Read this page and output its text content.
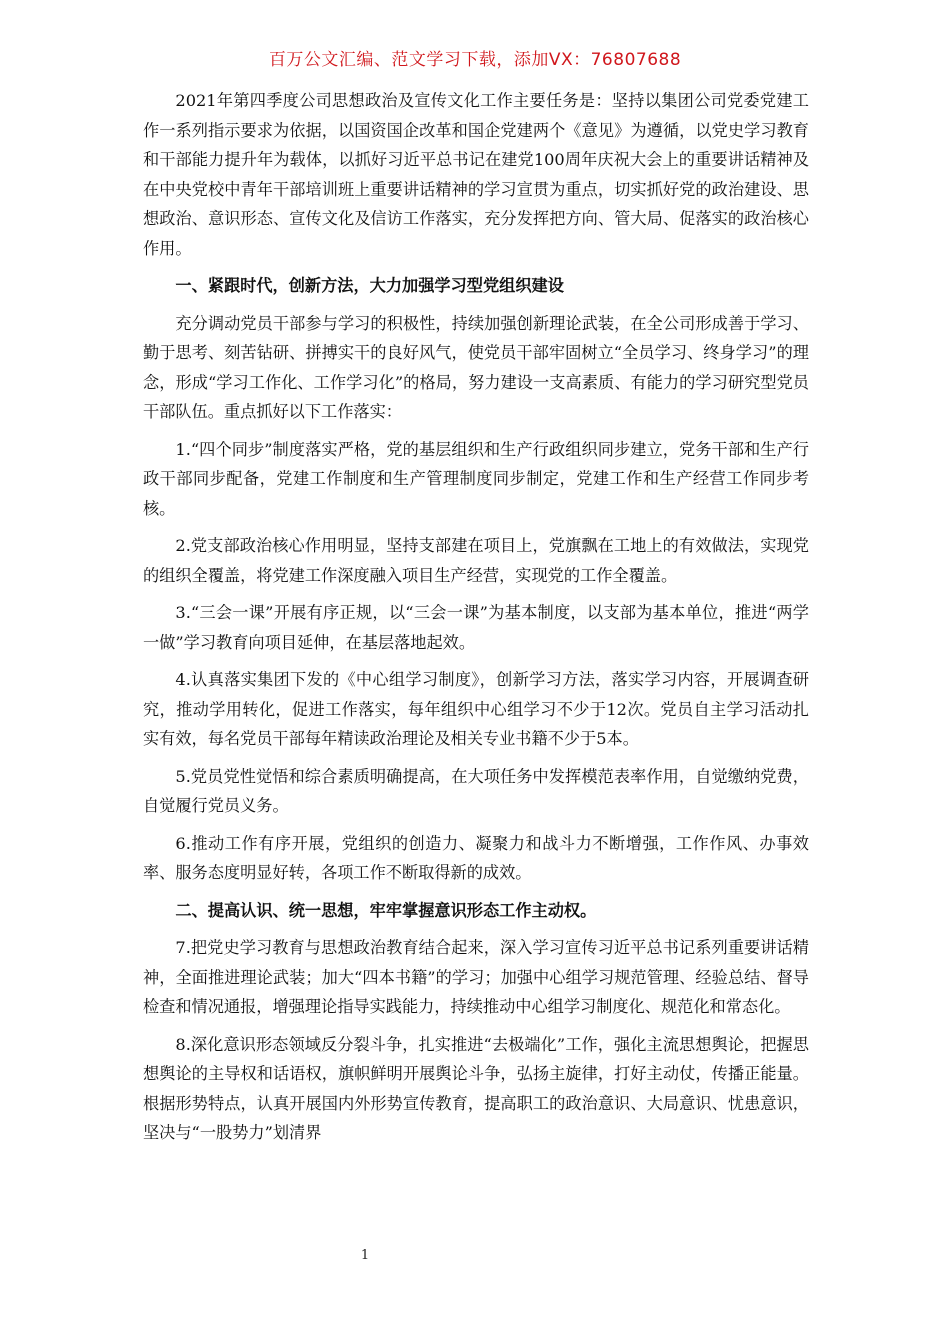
百万公文汇编、范文学习下载，添加VX：76807688

2021年第四季度公司思想政治及宣传文化工作主要任务是：坚持以集团公司党委党建工作一系列指示要求为依据，以国资国企改革和国企党建两个《意见》为遵循，以党史学习教育和干部能力提升年为载体，以抓好习近平总书记在建党100周年庆祝大会上的重要讲话精神及在中央党校中青年干部培训班上重要讲话精神的学习宣贯为重点，切实抓好党的政治建设、思想政治、意识形态、宣传文化及信访工作落实，充分发挥把方向、管大局、促落实的政治核心作用。

一、紧跟时代，创新方法，大力加强学习型党组织建设

充分调动党员干部参与学习的积极性，持续加强创新理论武装，在全公司形成善于学习、勤于思考、刻苦钻研、拼搏实干的良好风气，使党员干部牢固树立“全员学习、终身学习”的理念，形成“学习工作化、工作学习化”的格局，努力建设一支高素质、有能力的学习研究型党员干部队伍。重点抓好以下工作落实：

1.“四个同步”制度落实严格，党的基层组织和生产行政组织同步建立，党务干部和生产行政干部同步配备，党建工作制度和生产管理制度同步制定，党建工作和生产经营工作同步考核。

2.党支部政治核心作用明显，坚持支部建在项目上，党旗飘在工地上的有效做法，实现党的组织全覆盖，将党建工作深度融入项目生产经营，实现党的工作全覆盖。

3.“三会一课”开展有序正规，以“三会一课”为基本制度，以支部为基本单位，推进“两学一做”学习教育向项目延伸，在基层落地起效。

4.认真落实集团下发的《中心组学习制度》，创新学习方法，落实学习内容，开展调查研究，推动学用转化，促进工作落实，每年组织中心组学习不少于12次。党员自主学习活动扎实有效，每名党员干部每年精读政治理论及相关专业书籍不少于5本。

5.党员党性觉悟和综合素质明确提高，在大项任务中发挥模范表率作用，自觉缴纳党费，自觉履行党员义务。

6.推动工作有序开展，党组织的创造力、凝聚力和战斗力不断增强，工作作风、办事效率、服务态度明显好转，各项工作不断取得新的成效。

二、提高认识、统一思想，牢牢掌握意识形态工作主动权。

7.把党史学习教育与思想政治教育结合起来，深入学习宣传习近平总书记系列重要讲话精神，全面推进理论武装；加大“四本书籍”的学习；加强中心组学习规范管理、经验总结、督导检查和情况通报，增强理论指导实践能力，持续推动中心组学习制度化、规范化和常态化。

8.深化意识形态领域反分裂斗争，扎实推进“去极端化”工作，强化主流思想舆论，把握思想舆论的主导权和话语权，旗帜鲜明开展舆论斗争，弘扬主旋律，打好主动仗，传播正能量。根据形势特点，认真开展国内外形势宣传教育，提高职工的政治意识、大局意识、忧患意识，坚决与“一股势力”划清界

1
